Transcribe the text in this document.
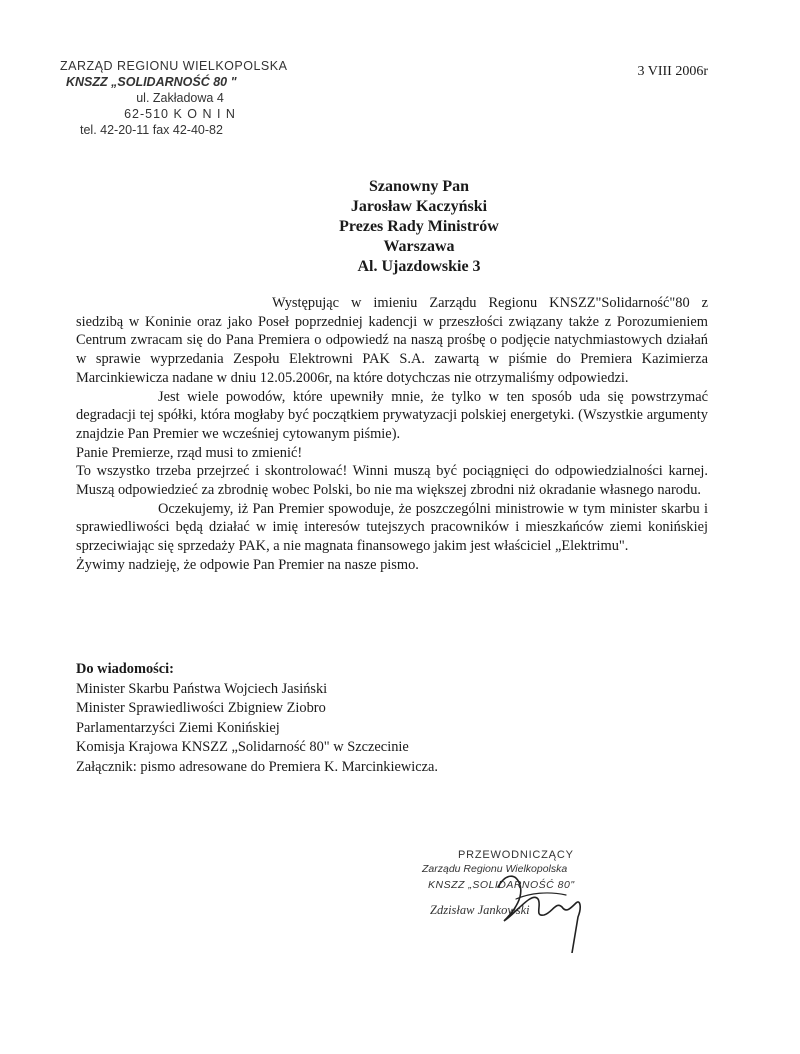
ZARZĄD REGIONU WIELKOPOLSKA
KNSZZ „SOLIDARNOŚĆ 80 "
ul. Zakładowa 4
62-510 K O N I N
tel. 42-20-11 fax 42-40-82
3 VIII 2006r
Szanowny Pan
Jarosław Kaczyński
Prezes Rady Ministrów
Warszawa
Al. Ujazdowskie 3

Występując w imieniu Zarządu Regionu KNSZZ"Solidarność"80 z siedzibą w Koninie oraz jako Poseł poprzedniej kadencji w przeszłości związany także z Porozumieniem Centrum zwracam się do Pana Premiera o odpowiedź na naszą prośbę o podjęcie natychmiastowych działań w sprawie wyprzedania Zespołu Elektrowni PAK S.A. zawartą w piśmie do Premiera Kazimierza Marcinkiewicza nadane w dniu 12.05.2006r, na które dotychczas nie otrzymaliśmy odpowiedzi.

Jest wiele powodów, które upewniły mnie, że tylko w ten sposób uda się powstrzymać degradacji tej spółki, która mogłaby być początkiem prywatyzacji polskiej energetyki. (Wszystkie argumenty znajdzie Pan Premier we wcześniej cytowanym piśmie).

Panie Premierze, rząd musi to zmienić!

To wszystko trzeba przejrzeć i skontrolować! Winni muszą być pociągnięci do odpowiedzialności karnej. Muszą odpowiedzieć za zbrodnię wobec Polski, bo nie ma większej zbrodni niż okradanie własnego narodu.

Oczekujemy, iż Pan Premier spowoduje, że poszczególni ministrowie w tym minister skarbu i sprawiedliwości będą działać w imię interesów tutejszych pracowników i mieszkańców ziemi konińskiej sprzeciwiając się sprzedaży PAK, a nie magnata finansowego jakim jest właściciel „Elektrimu".

Żywimy nadzieję, że odpowie Pan Premier na nasze pismo.

Do wiadomości:
Minister Skarbu Państwa Wojciech Jasiński
Minister Sprawiedliwości Zbigniew Ziobro
Parlamentarzyści Ziemi Konińskiej
Komisja Krajowa KNSZZ „Solidarność 80" w Szczecinie
Załącznik: pismo adresowane do Premiera K. Marcinkiewicza.
PRZEWODNICZĄCY
Zarządu Regionu Wielkopolska
KNSZZ „SOLIDARNOŚĆ 80"
Zdzisław Jankowski
